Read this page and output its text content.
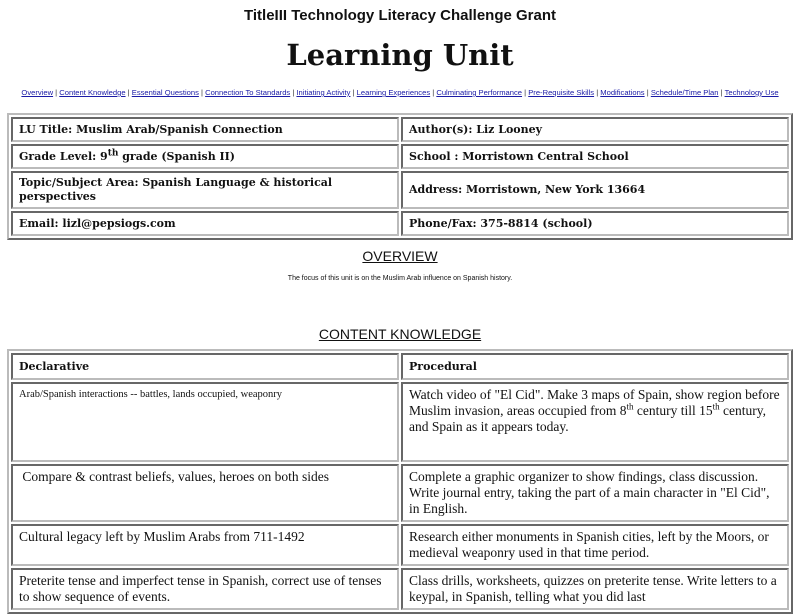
TitleIII Technology Literacy Challenge Grant
Learning Unit
Overview | Content Knowledge | Essential Questions | Connection To Standards | Initiating Activity | Learning Experiences | Culminating Performance | Pre-Requisite Skills | Modifications | Schedule/Time Plan | Technology Use
LU Title: Muslim Arab/Spanish Connection	Author(s): Liz Looney
Grade Level: 9th grade (Spanish II)	School : Morristown Central School
Topic/Subject Area: Spanish Language & historical perspectives	Address: Morristown, New York 13664
Email: lizl@pepsiogs.com	Phone/Fax: 375-8814 (school)
OVERVIEW
The focus of this unit is on the Muslim Arab influence on Spanish history.
CONTENT KNOWLEDGE
Declarative	Procedural
Arab/Spanish interactions -- battles, lands occupied, weaponry	Watch video of "El Cid". Make 3 maps of Spain, show region before Muslim invasion, areas occupied from 8th century till 15th century, and Spain as it appears today.
Compare & contrast beliefs, values, heroes on both sides	Complete a graphic organizer to show findings, class discussion. Write journal entry, taking the part of a main character in "El Cid", in English.
Cultural legacy left by Muslim Arabs from 711-1492	Research either monuments in Spanish cities, left by the Moors, or medieval weaponry used in that time period.
Preterite tense and imperfect tense in Spanish, correct use of tenses to show sequence of events.	Class drills, worksheets, quizzes on preterite tense. Write letters to a keypal, in Spanish, telling what you did last
